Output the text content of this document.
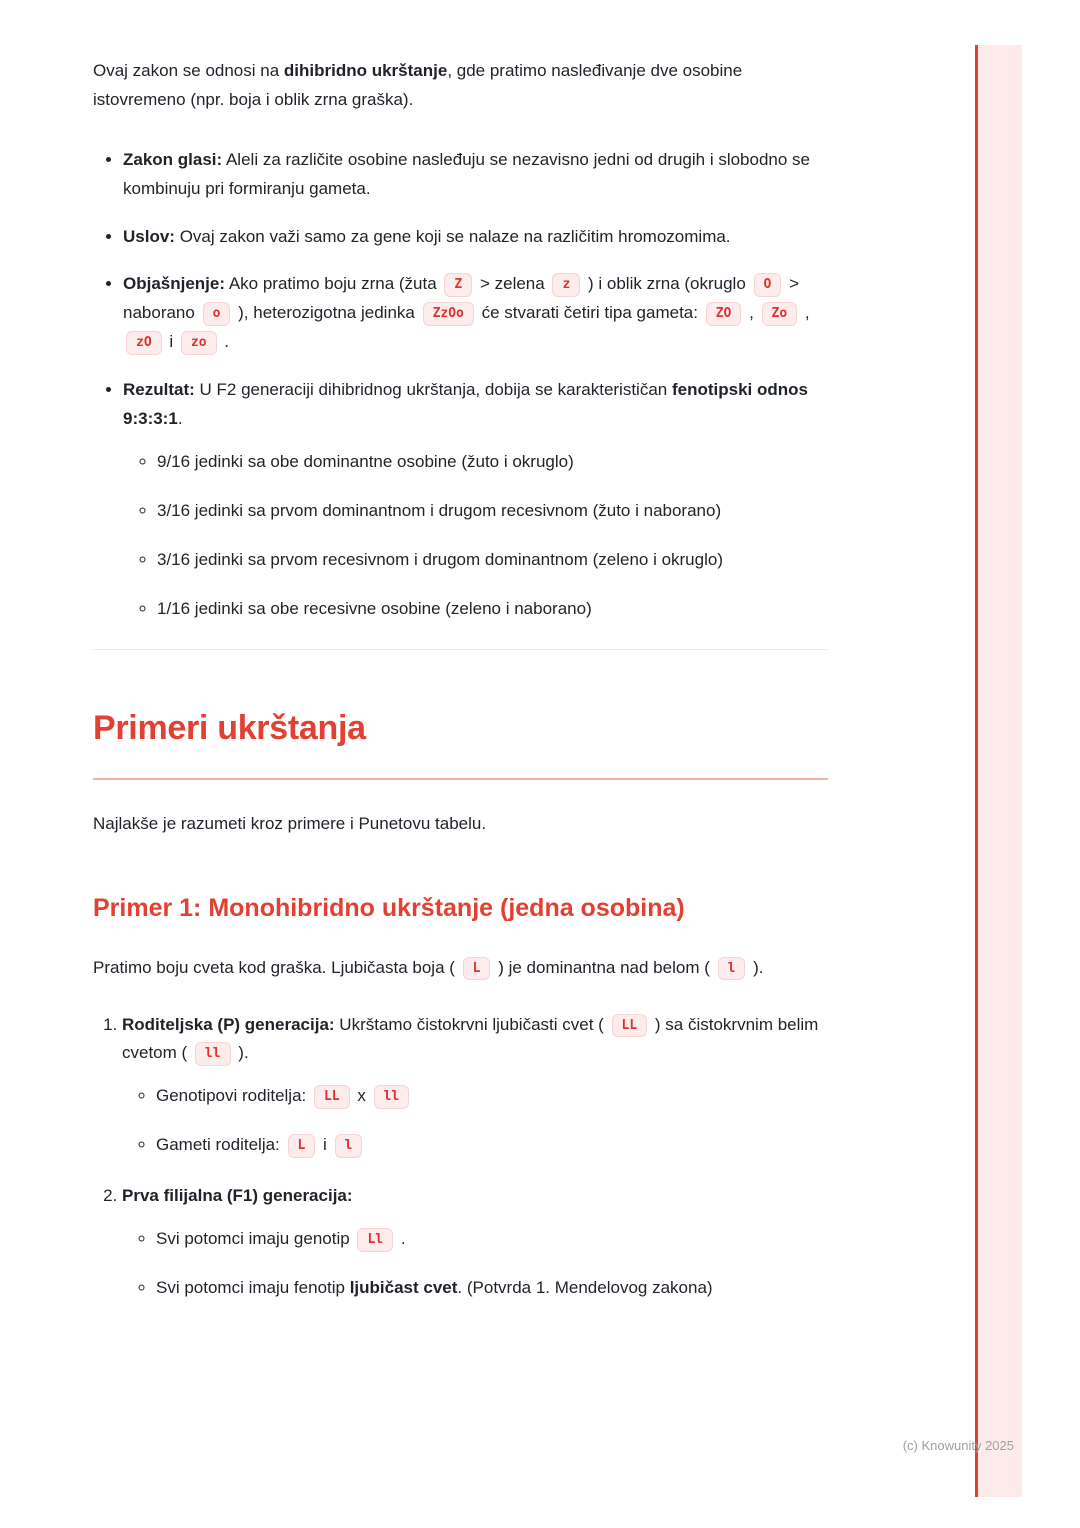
Ovaj zakon se odnosi na dihibridno ukrštanje, gde pratimo nasleđivanje dve osobine istovremeno (npr. boja i oblik zrna graška).

• Zakon glasi: Aleli za različite osobine nasleđuju se nezavisno jedni od drugih i slobodno se kombinuju pri formiranju gameta.
• Uslov: Ovaj zakon važi samo za gene koji se nalaze na različitim hromozomima.
• Objašnjenje: Ako pratimo boju zrna (žuta Z > zelena z ) i oblik zrna (okruglo O > naborano o ), heterozigotna jedinka ZzOo će stvarati četiri tipa gameta: ZO , Zo , zO i zo .
• Rezultat: U F2 generaciji dihibridnog ukrštanja, dobija se karakterističan fenotipski odnos 9:3:3:1.
◦ 9/16 jedinki sa obe dominantne osobine (žuto i okruglo)
◦ 3/16 jedinki sa prvom dominantnom i drugom recesivnom (žuto i naborano)
◦ 3/16 jedinki sa prvom recesivnom i drugom dominantnom (zeleno i okruglo)
◦ 1/16 jedinki sa obe recesivne osobine (zeleno i naborano)
Primeri ukrštanja

Najlakše je razumeti kroz primere i Punetovu tabelu.

Primer 1: Monohibridno ukrštanje (jedna osobina)

Pratimo boju cveta kod graška. Ljubičasta boja ( L ) je dominantna nad belom ( l ).

1. Roditeljska (P) generacija: Ukrštamo čistokrvni ljubičasti cvet ( LL ) sa čistokrvnim belim cvetom ( ll ).
◦ Genotipovi roditelja: LL x ll
◦ Gameti roditelja: L i l
2. Prva filijalna (F1) generacija:
◦ Svi potomci imaju genotip Ll .
◦ Svi potomci imaju fenotip ljubičast cvet. (Potvrda 1. Mendelovog zakona)
(c) Knowunity 2025
